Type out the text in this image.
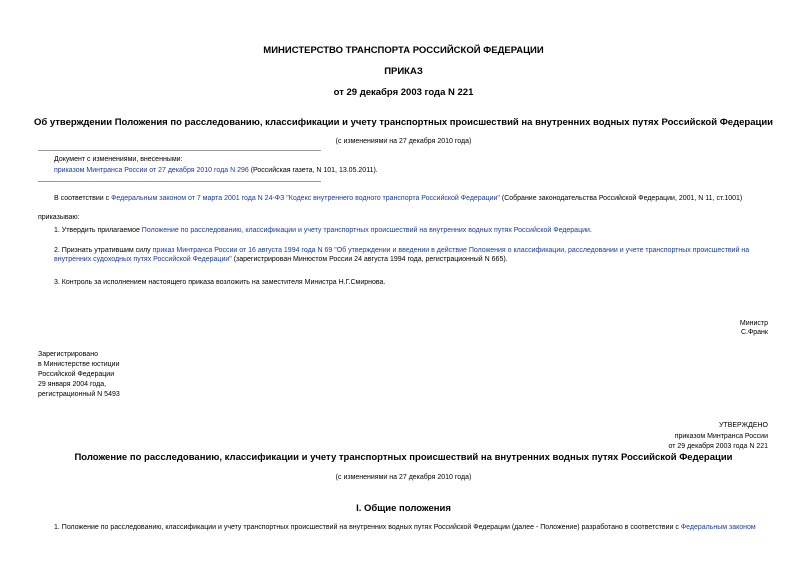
МИНИСТЕРСТВО ТРАНСПОРТА РОССИЙСКОЙ ФЕДЕРАЦИИ
ПРИКАЗ
от 29 декабря 2003 года N 221
Об утверждении Положения по расследованию, классификации и учету транспортных происшествий на внутренних водных путях Российской Федерации
(с изменениями на 27 декабря 2010 года)
Документ с изменениями, внесенными:
приказом Минтранса России от 27 декабря 2010 года N 296 (Российская газета, N 101, 13.05.2011).
В соответствии с Федеральным законом от 7 марта 2001 года N 24-ФЗ "Кодекс внутреннего водного транспорта Российской Федерации" (Собрание законодательства Российской Федерации, 2001, N 11, ст.1001)
приказываю:
1. Утвердить прилагаемое Положение по расследованию, классификации и учету транспортных происшествий на внутренних водных путях Российской Федерации.
2. Признать утратившим силу приказ Минтранса России от 16 августа 1994 года N 69 "Об утверждении и введении в действие Положения о классификации, расследовании и учете транспортных происшествий на внутренних судоходных путях Российской Федерации" (зарегистрирован Минюстом России 24 августа 1994 года, регистрационный N 665).
3. Контроль за исполнением настоящего приказа возложить на заместителя Министра Н.Г.Смирнова.
Министр
С.Франк
Зарегистрировано
в Министерстве юстиции
Российской Федерации
29 января 2004 года,
регистрационный N 5493
УТВЕРЖДЕНО
приказом Минтранса России
от 29 декабря 2003 года N 221
Положение по расследованию, классификации и учету транспортных происшествий на внутренних водных путях Российской Федерации
(с изменениями на 27 декабря 2010 года)
I. Общие положения
1. Положение по расследованию, классификации и учету транспортных происшествий на внутренних водных путях Российской Федерации (далее - Положение) разработано в соответствии с Федеральным законом
